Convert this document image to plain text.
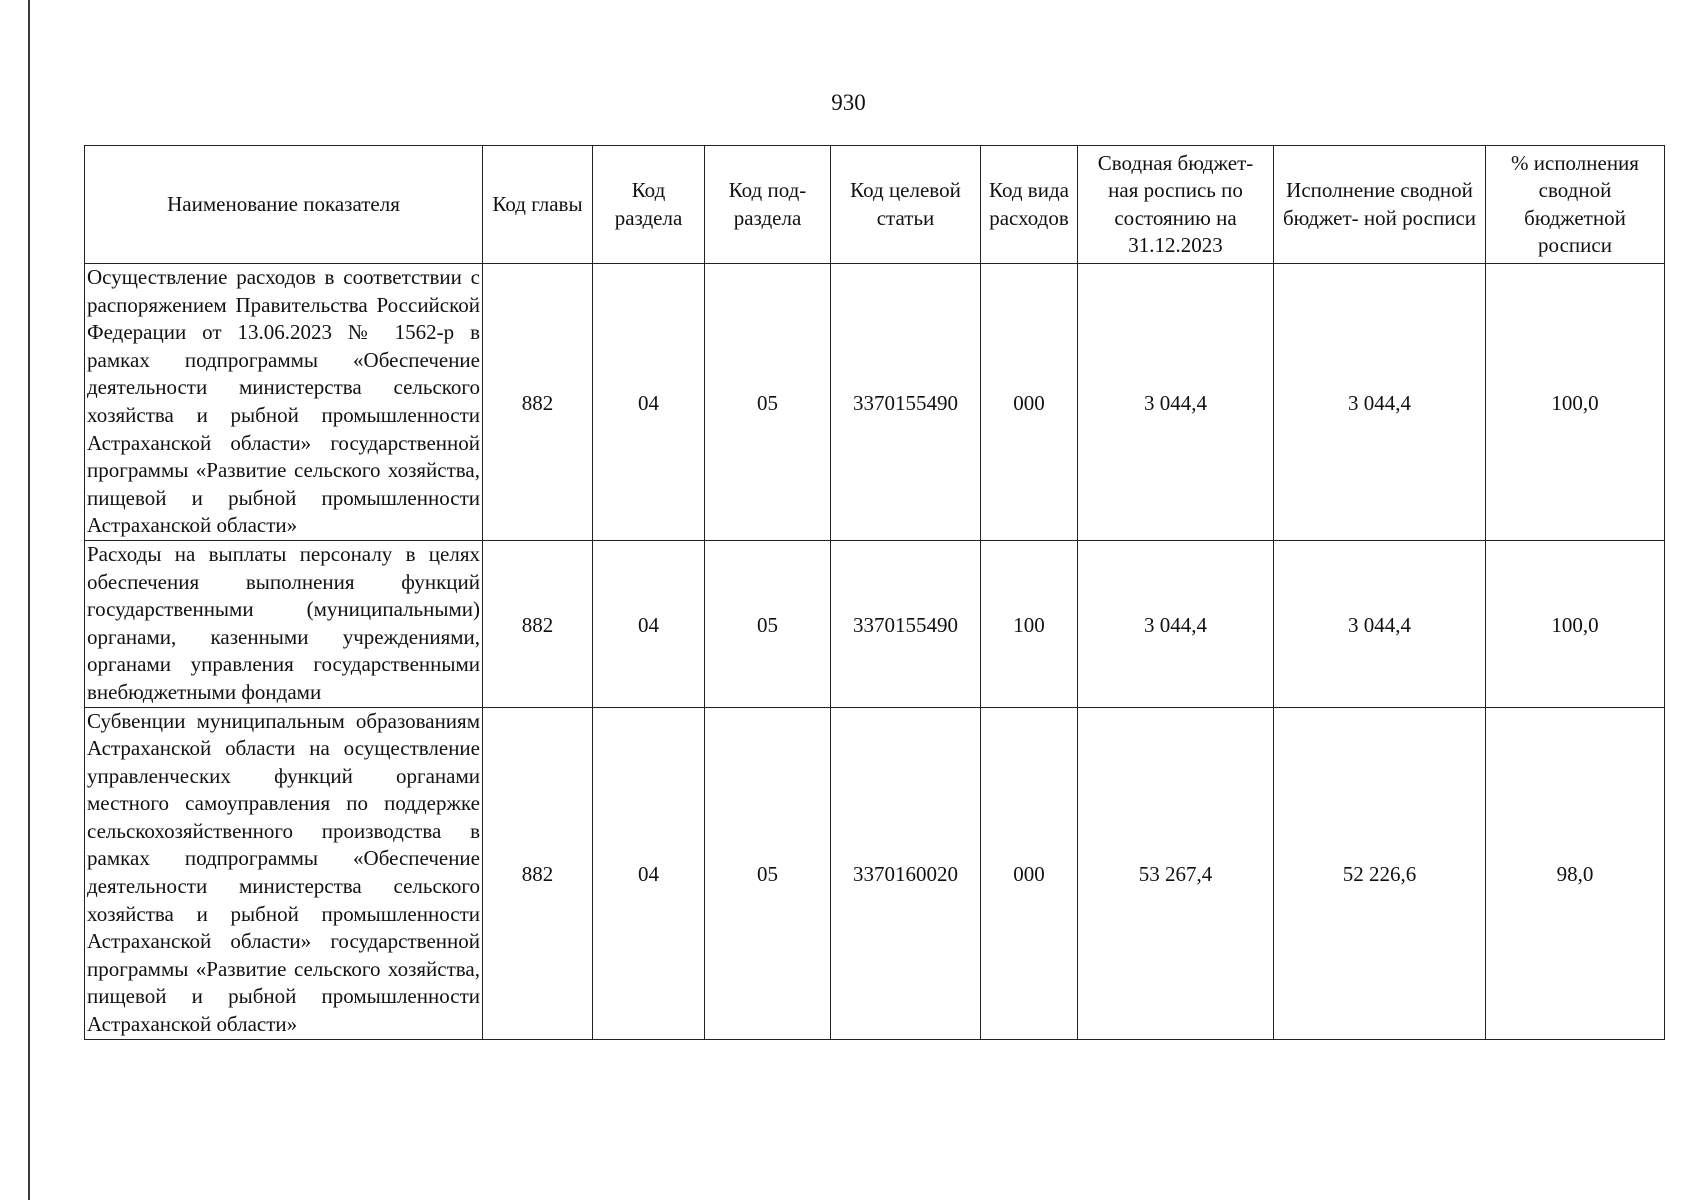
930
Наименование показателя	Код главы	Код раздела	Код под- раздела	Код целевой статьи	Код вида расходов	Сводная бюджет- ная роспись по состоянию на 31.12.2023	Исполнение сводной бюджет- ной росписи	% исполнения сводной бюджетной росписи
Осуществление расходов в соответствии с распоряжением Правительства Российской Федерации от 13.06.2023 № 1562-р в рамках подпрограммы «Обеспечение деятельности министерства сельского хозяйства и рыбной промышленности Астраханской области» государственной программы «Развитие сельского хозяйства, пищевой и рыбной промышленности Астраханской области»	882	04	05	3370155490	000	3 044,4	3 044,4	100,0
Расходы на выплаты персоналу в целях обеспечения выполнения функций государственными (муниципальными) органами, казенными учреждениями, органами управления государственными внебюджетными фондами	882	04	05	3370155490	100	3 044,4	3 044,4	100,0
Субвенции муниципальным образованиям Астраханской области на осуществление управленческих функций органами местного самоуправления по поддержке сельскохозяйственного производства в рамках подпрограммы «Обеспечение деятельности министерства сельского хозяйства и рыбной промышленности Астраханской области» государственной программы «Развитие сельского хозяйства, пищевой и рыбной промышленности Астраханской области»	882	04	05	3370160020	000	53 267,4	52 226,6	98,0
